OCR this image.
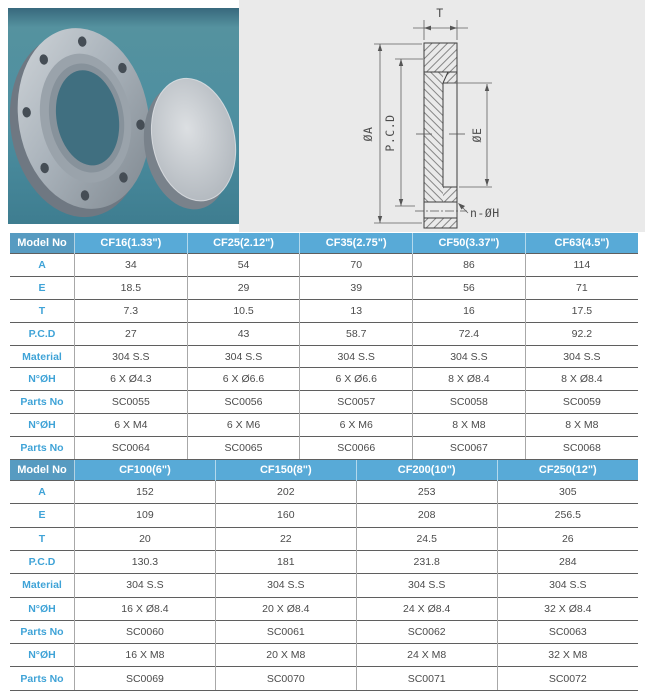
T
ØA P.C.D	ØE
n-ØH
Model No	CF16(1.33")	CF25(2.12")	CF35(2.75")	CF50(3.37")	CF63(4.5")
A	34	54	70	86	114
E	18.5	29	39	56	71
T	7.3	10.5	13	16	17.5
P.C.D	27	43	58.7	72.4	92.2
Material	304 S.S	304 S.S	304 S.S	304 S.S	304 S.S
N°ØH	6 X Ø4.3	6 X Ø6.6	6 X Ø6.6	8 X Ø8.4	8 X Ø8.4
Parts No	SC0055	SC0056	SC0057	SC0058	SC0059
N°ØH	6 X M4	6 X M6	6 X M6	8 X M8	8 X M8
Parts No	SC0064	SC0065	SC0066	SC0067	SC0068
Model No	CF100(6")	CF150(8")	CF200(10")	CF250(12")
A	152	202	253	305
E	109	160	208	256.5
T	20	22	24.5	26
P.C.D	130.3	181	231.8	284
Material	304 S.S	304 S.S	304 S.S	304 S.S
N°ØH	16 X Ø8.4	20 X Ø8.4	24 X Ø8.4	32 X Ø8.4
Parts No	SC0060	SC0061	SC0062	SC0063
N°ØH	16 X M8	20 X M8	24 X M8	32 X M8
Parts No	SC0069	SC0070	SC0071	SC0072
